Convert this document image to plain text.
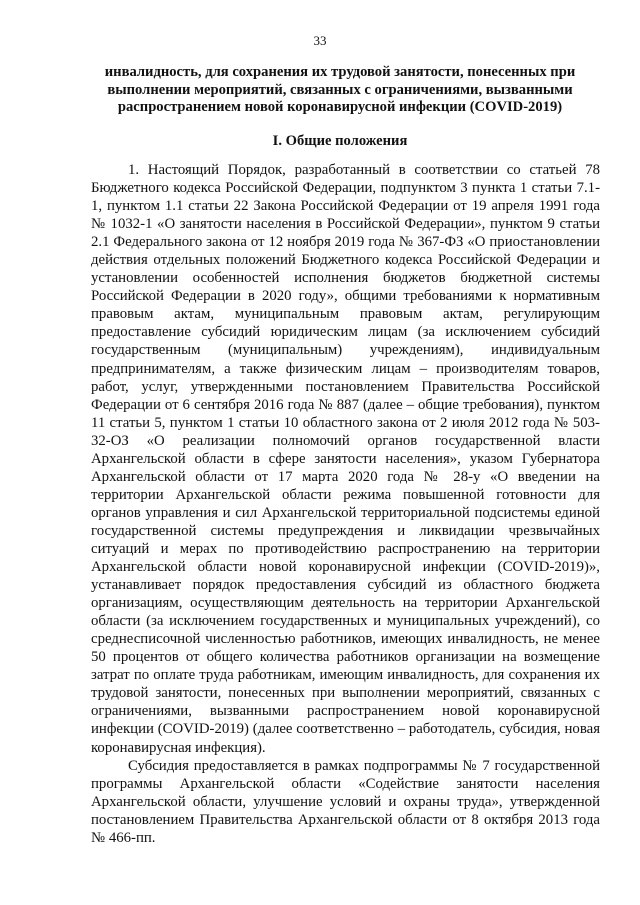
33
инвалидность, для сохранения их трудовой занятости, понесенных при выполнении мероприятий, связанных с ограничениями, вызванными распространением новой коронавирусной инфекции (COVID-2019)
I. Общие положения

1. Настоящий Порядок, разработанный в соответствии со статьей 78 Бюджетного кодекса Российской Федерации, подпунктом 3 пункта 1 статьи 7.1-1, пунктом 1.1 статьи 22 Закона Российской Федерации от 19 апреля 1991 года № 1032-1 «О занятости населения в Российской Федерации», пунктом 9 статьи 2.1 Федерального закона от 12 ноября 2019 года № 367-ФЗ «О приостановлении действия отдельных положений Бюджетного кодекса Российской Федерации и установлении особенностей исполнения бюджетов бюджетной системы Российской Федерации в 2020 году», общими требованиями к нормативным правовым актам, муниципальным правовым актам, регулирующим предоставление субсидий юридическим лицам (за исключением субсидий государственным (муниципальным) учреждениям), индивидуальным предпринимателям, а также физическим лицам – производителям товаров, работ, услуг, утвержденными постановлением Правительства Российской Федерации от 6 сентября 2016 года № 887 (далее – общие требования), пунктом 11 статьи 5, пунктом 1 статьи 10 областного закона от 2 июля 2012 года № 503-32-ОЗ «О реализации полномочий органов государственной власти Архангельской области в сфере занятости населения», указом Губернатора Архангельской области от 17 марта 2020 года № 28-у «О введении на территории Архангельской области режима повышенной готовности для органов управления и сил Архангельской территориальной подсистемы единой государственной системы предупреждения и ликвидации чрезвычайных ситуаций и мерах по противодействию распространению на территории Архангельской области новой коронавирусной инфекции (COVID-2019)», устанавливает порядок предоставления субсидий из областного бюджета организациям, осуществляющим деятельность на территории Архангельской области (за исключением государственных и муниципальных учреждений), со среднесписочной численностью работников, имеющих инвалидность, не менее 50 процентов от общего количества работников организации на возмещение затрат по оплате труда работникам, имеющим инвалидность, для сохранения их трудовой занятости, понесенных при выполнении мероприятий, связанных с ограничениями, вызванными распространением новой коронавирусной инфекции (COVID-2019) (далее соответственно – работодатель, субсидия, новая коронавирусная инфекция).

Субсидия предоставляется в рамках подпрограммы № 7 государственной программы Архангельской области «Содействие занятости населения Архангельской области, улучшение условий и охраны труда», утвержденной постановлением Правительства Архангельской области от 8 октября 2013 года № 466-пп.
